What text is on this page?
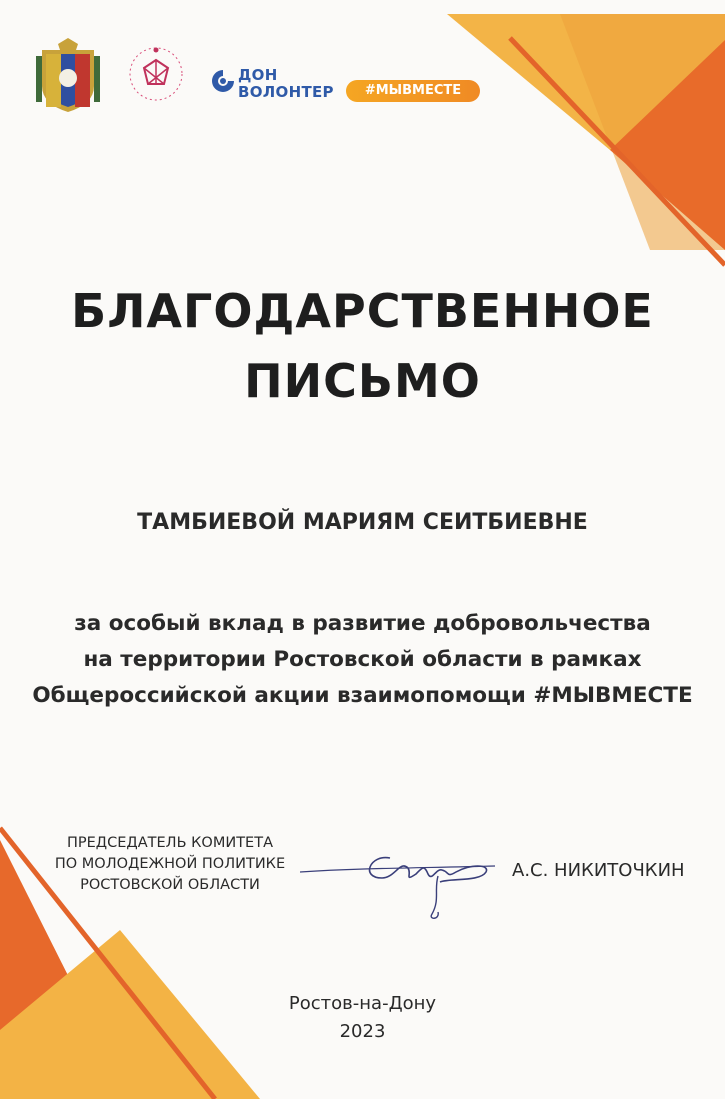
ДОН
ВОЛОНТЕР	#МЫВМЕСТЕ
БЛАГОДАРСТВЕННОЕ
ПИСЬМО
ТАМБИЕВОЙ МАРИЯМ СЕИТБИЕВНЕ
за особый вклад в развитие добровольчества
на территории Ростовской области в рамках
Общероссийской акции взаимопомощи #МЫВМЕСТЕ
ПРЕДСЕДАТЕЛЬ КОМИТЕТА
ПО МОЛОДЕЖНОЙ ПОЛИТИКЕ
РОСТОВСКОЙ ОБЛАСТИ
А.С. НИКИТОЧКИН
Ростов-на-Дону
2023
